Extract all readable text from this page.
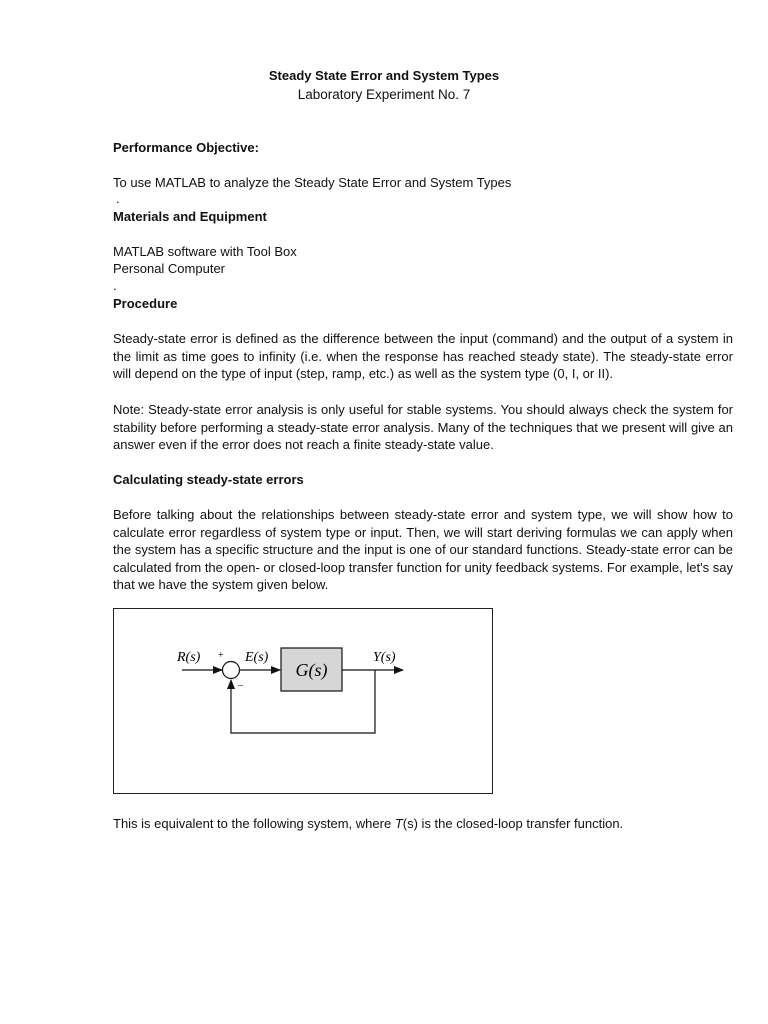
Steady State Error and System Types

Laboratory Experiment No. 7

Performance Objective:

To use MATLAB to analyze the Steady State Error and System Types

.

Materials and Equipment

MATLAB software with Tool Box

Personal Computer

.

Procedure

Steady-state error is defined as the difference between the input (command) and the output of a system in the limit as time goes to infinity (i.e. when the response has reached steady state). The steady-state error will depend on the type of input (step, ramp, etc.) as well as the system type (0, I, or II).

Note: Steady-state error analysis is only useful for stable systems. You should always check the system for stability before performing a steady-state error analysis. Many of the techniques that we present will give an answer even if the error does not reach a finite steady-state value.

Calculating steady-state errors

Before talking about the relationships between steady-state error and system type, we will show how to calculate error regardless of system type or input. Then, we will start deriving formulas we can apply when the system has a specific structure and the input is one of our standard functions. Steady-state error can be calculated from the open- or closed-loop transfer function for unity feedback systems. For example, let's say that we have the system given below.

R(s)	E(s)	Y(s)
G(s)
+
–

This is equivalent to the following system, where T(s) is the closed-loop transfer function.
